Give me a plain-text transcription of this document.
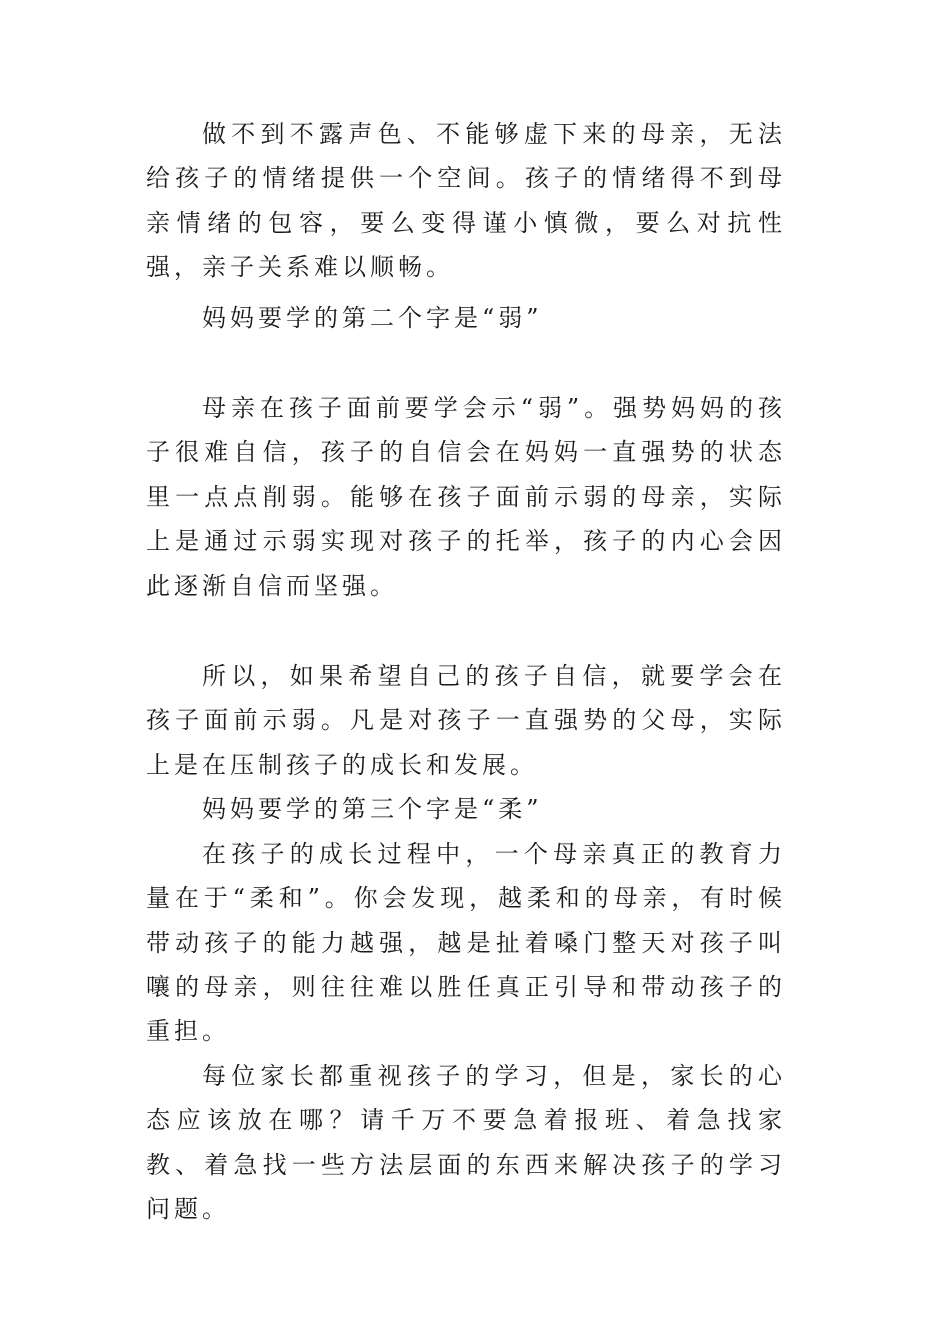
做不到不露声色、不能够虚下来的母亲，无法给孩子的情绪提供一个空间。孩子的情绪得不到母亲情绪的包容，要么变得谨小慎微，要么对抗性强，亲子关系难以顺畅。

妈妈要学的第二个字是“弱”

母亲在孩子面前要学会示“弱”。强势妈妈的孩子很难自信，孩子的自信会在妈妈一直强势的状态里一点点削弱。能够在孩子面前示弱的母亲，实际上是通过示弱实现对孩子的托举，孩子的内心会因此逐渐自信而坚强。

所以，如果希望自己的孩子自信，就要学会在孩子面前示弱。凡是对孩子一直强势的父母，实际上是在压制孩子的成长和发展。

妈妈要学的第三个字是“柔”

在孩子的成长过程中，一个母亲真正的教育力量在于“柔和”。你会发现，越柔和的母亲，有时候带动孩子的能力越强，越是扯着嗓门整天对孩子叫嚷的母亲，则往往难以胜任真正引导和带动孩子的重担。

每位家长都重视孩子的学习，但是，家长的心态应该放在哪？请千万不要急着报班、着急找家教、着急找一些方法层面的东西来解决孩子的学习问题。
